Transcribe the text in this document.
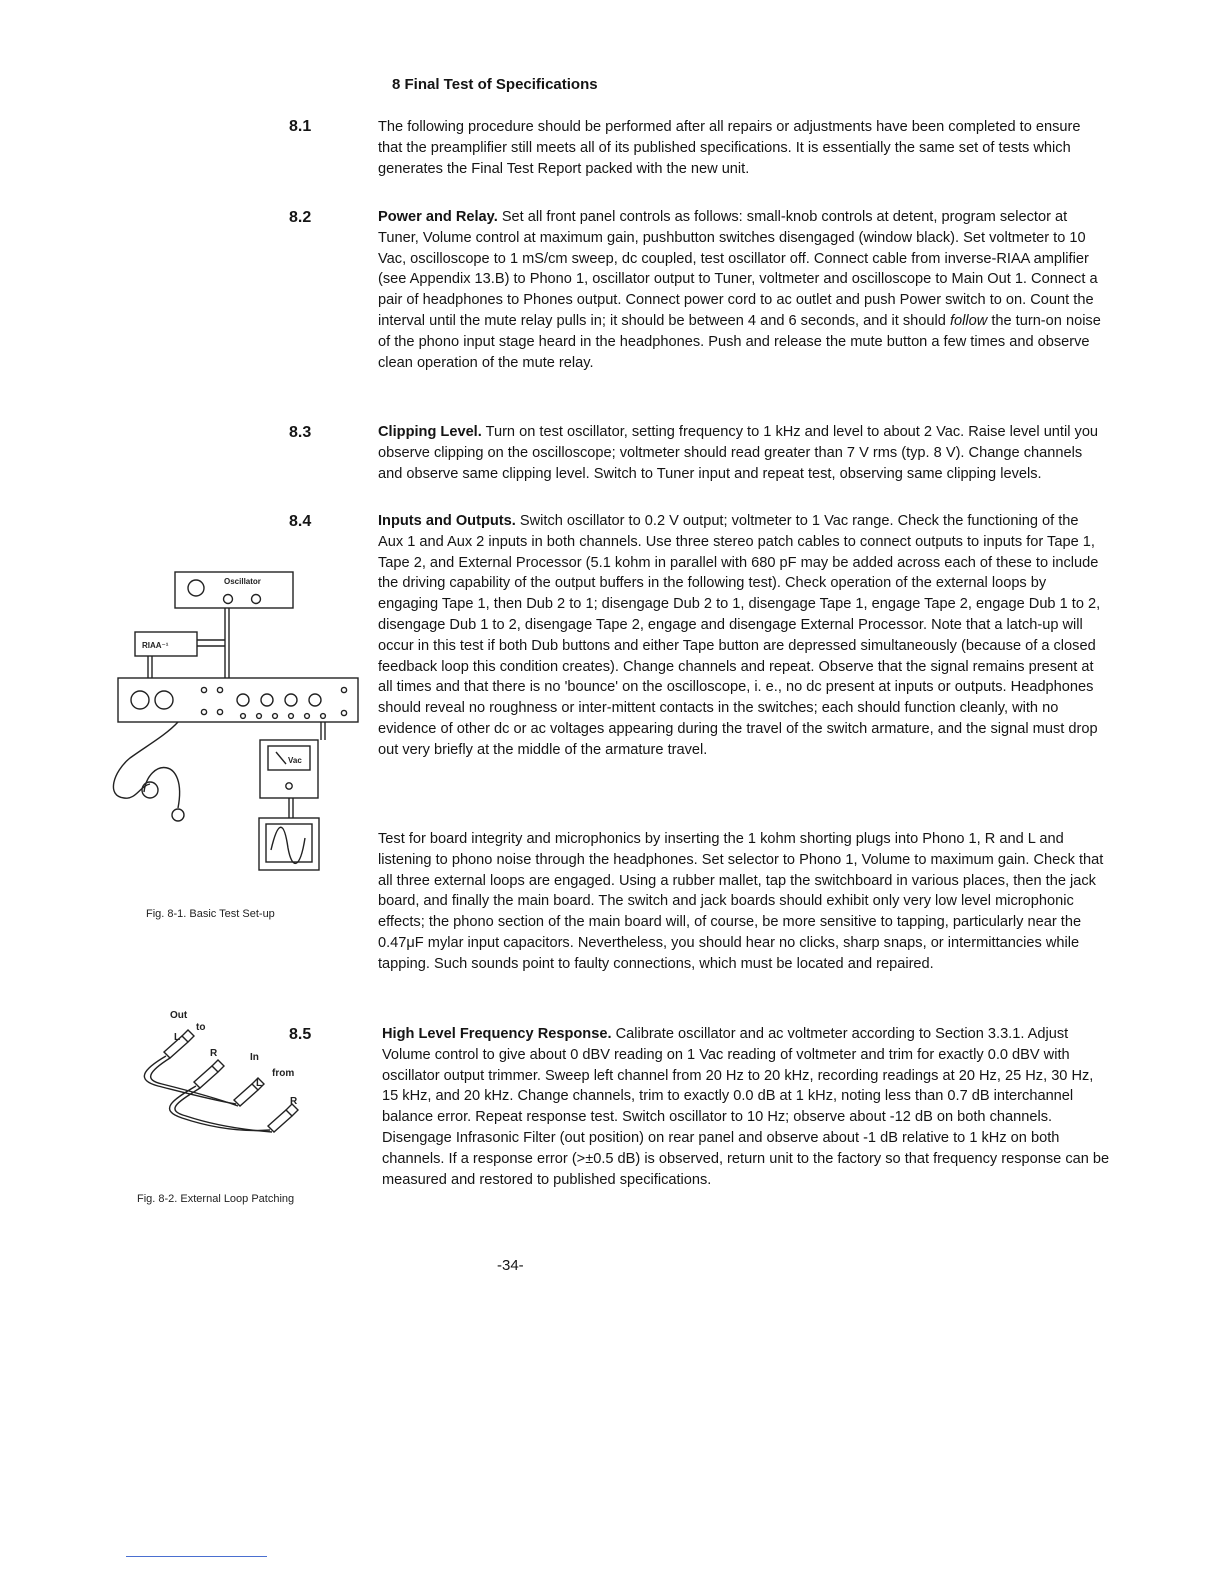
8 Final Test of Specifications
8.1	The following procedure should be performed after all repairs or adjustments have been completed to ensure that the preamplifier still meets all of its published specifications. It is essentially the same set of tests which generates the Final Test Report packed with the new unit.
8.2	Power and Relay. Set all front panel controls as follows: small-knob controls at detent, program selector at Tuner, Volume control at maximum gain, pushbutton switches disengaged (window black). Set voltmeter to 10 Vac, oscilloscope to 1 mS/cm sweep, dc coupled, test oscillator off. Connect cable from inverse-RIAA amplifier (see Appendix 13.B) to Phono 1, oscillator output to Tuner, voltmeter and oscilloscope to Main Out 1. Connect a pair of headphones to Phones output. Connect power cord to ac outlet and push Power switch to on. Count the interval until the mute relay pulls in; it should be between 4 and 6 seconds, and it should follow the turn-on noise of the phono input stage heard in the headphones. Push and release the mute button a few times and observe clean operation of the mute relay.
8.3	Clipping Level. Turn on test oscillator, setting frequency to 1 kHz and level to about 2 Vac. Raise level until you observe clipping on the oscilloscope; voltmeter should read greater than 7 V rms (typ. 8 V). Change channels and observe same clipping level. Switch to Tuner input and repeat test, observing same clipping levels.
8.4	Inputs and Outputs. Switch oscillator to 0.2 V output; voltmeter to 1 Vac range. Check the functioning of the Aux 1 and Aux 2 inputs in both channels. Use three stereo patch cables to connect outputs to inputs for Tape 1, Tape 2, and External Processor (5.1 kohm in parallel with 680 pF may be added across each of these to include the driving capability of the output buffers in the following test). Check operation of the external loops by engaging Tape 1, then Dub 2 to 1; disengage Dub 2 to 1, disengage Tape 1, engage Tape 2, engage Dub 1 to 2, disengage Dub 1 to 2, disengage Tape 2, engage and disengage External Processor. Note that a latch-up will occur in this test if both Dub buttons and either Tape button are depressed simultaneously (because of a closed feedback loop this condition creates). Change channels and repeat. Observe that the signal remains present at all times and that there is no 'bounce' on the oscilloscope, i. e., no dc present at inputs or outputs. Headphones should reveal no roughness or inter-mittent contacts in the switches; each should function cleanly, with no evidence of other dc or ac voltages appearing during the travel of the switch armature, and the signal must drop out very briefly at the middle of the armature travel.
Test for board integrity and microphonics by inserting the 1 kohm shorting plugs into Phono 1, R and L and listening to phono noise through the headphones. Set selector to Phono 1, Volume to maximum gain. Check that all three external loops are engaged. Using a rubber mallet, tap the switchboard in various places, then the jack board, and finally the main board. The switch and jack boards should exhibit only very low level microphonic effects; the phono section of the main board will, of course, be more sensitive to tapping, particularly near the 0.47μF mylar input capacitors. Nevertheless, you should hear no clicks, sharp snaps, or intermittancies while tapping. Such sounds point to faulty connections, which must be located and repaired.
8.5	High Level Frequency Response. Calibrate oscillator and ac voltmeter according to Section 3.3.1. Adjust Volume control to give about 0 dBV reading on 1 Vac reading of voltmeter and trim for exactly 0.0 dBV with oscillator output trimmer. Sweep left channel from 20 Hz to 20 kHz, recording readings at 20 Hz, 25 Hz, 30 Hz, 15 kHz, and 20 kHz. Change channels, trim to exactly 0.0 dB at 1 kHz, noting less than 0.7 dB interchannel balance error. Repeat response test. Switch oscillator to 10 Hz; observe about -12 dB on both channels. Disengage Infrasonic Filter (out position) on rear panel and observe about -1 dB relative to 1 kHz on both channels. If a response error (>±0.5 dB) is observed, return unit to the factory so that frequency response can be measured and restored to published specifications.
Oscillator
RIAA⁻¹
Vac
Fig. 8-1. Basic Test Set-up
Out
to
L
R	In
from
L
R
Fig. 8-2. External Loop Patching
-34-
